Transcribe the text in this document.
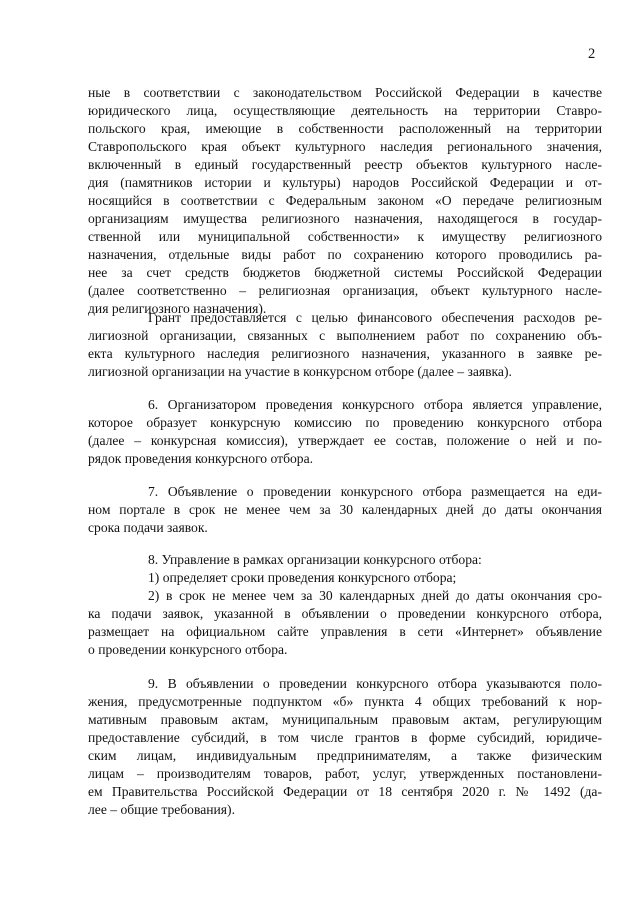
2
ные в соответствии с законодательством Российской Федерации в качестве
юридического лица, осуществляющие деятельность на территории Ставро-
польского края, имеющие в собственности расположенный на территории
Ставропольского края объект культурного наследия регионального значения,
включенный в единый государственный реестр объектов культурного насле-
дия (памятников истории и культуры) народов Российской Федерации и от-
носящийся в соответствии с Федеральным законом «О передаче религиозным
организациям имущества религиозного назначения, находящегося в государ-
ственной или муниципальной собственности» к имуществу религиозного
назначения, отдельные виды работ по сохранению которого проводились ра-
нее за счет средств бюджетов бюджетной системы Российской Федерации
(далее соответственно – религиозная организация, объект культурного насле-
дия религиозного назначения).
Грант предоставляется с целью финансового обеспечения расходов ре-
лигиозной организации, связанных с выполнением работ по сохранению объ-
екта культурного наследия религиозного назначения, указанного в заявке ре-
лигиозной организации на участие в конкурсном отборе (далее – заявка).
6. Организатором проведения конкурсного отбора является управление,
которое образует конкурсную комиссию по проведению конкурсного отбора
(далее – конкурсная комиссия), утверждает ее состав, положение о ней и по-
рядок проведения конкурсного отбора.
7. Объявление о проведении конкурсного отбора размещается на еди-
ном портале в срок не менее чем за 30 календарных дней до даты окончания
срока подачи заявок.
8. Управление в рамках организации конкурсного отбора:
1) определяет сроки проведения конкурсного отбора;
2) в срок не менее чем за 30 календарных дней до даты окончания сро-
ка подачи заявок, указанной в объявлении о проведении конкурсного отбора,
размещает на официальном сайте управления в сети «Интернет» объявление
о проведении конкурсного отбора.
9. В объявлении о проведении конкурсного отбора указываются поло-
жения, предусмотренные подпунктом «б» пункта 4 общих требований к нор-
мативным правовым актам, муниципальным правовым актам, регулирующим
предоставление субсидий, в том числе грантов в форме субсидий, юридиче-
ским лицам, индивидуальным предпринимателям, а также физическим
лицам – производителям товаров, работ, услуг, утвержденных постановлени-
ем Правительства Российской Федерации от 18 сентября 2020 г. № 1492 (да-
лее – общие требования).
